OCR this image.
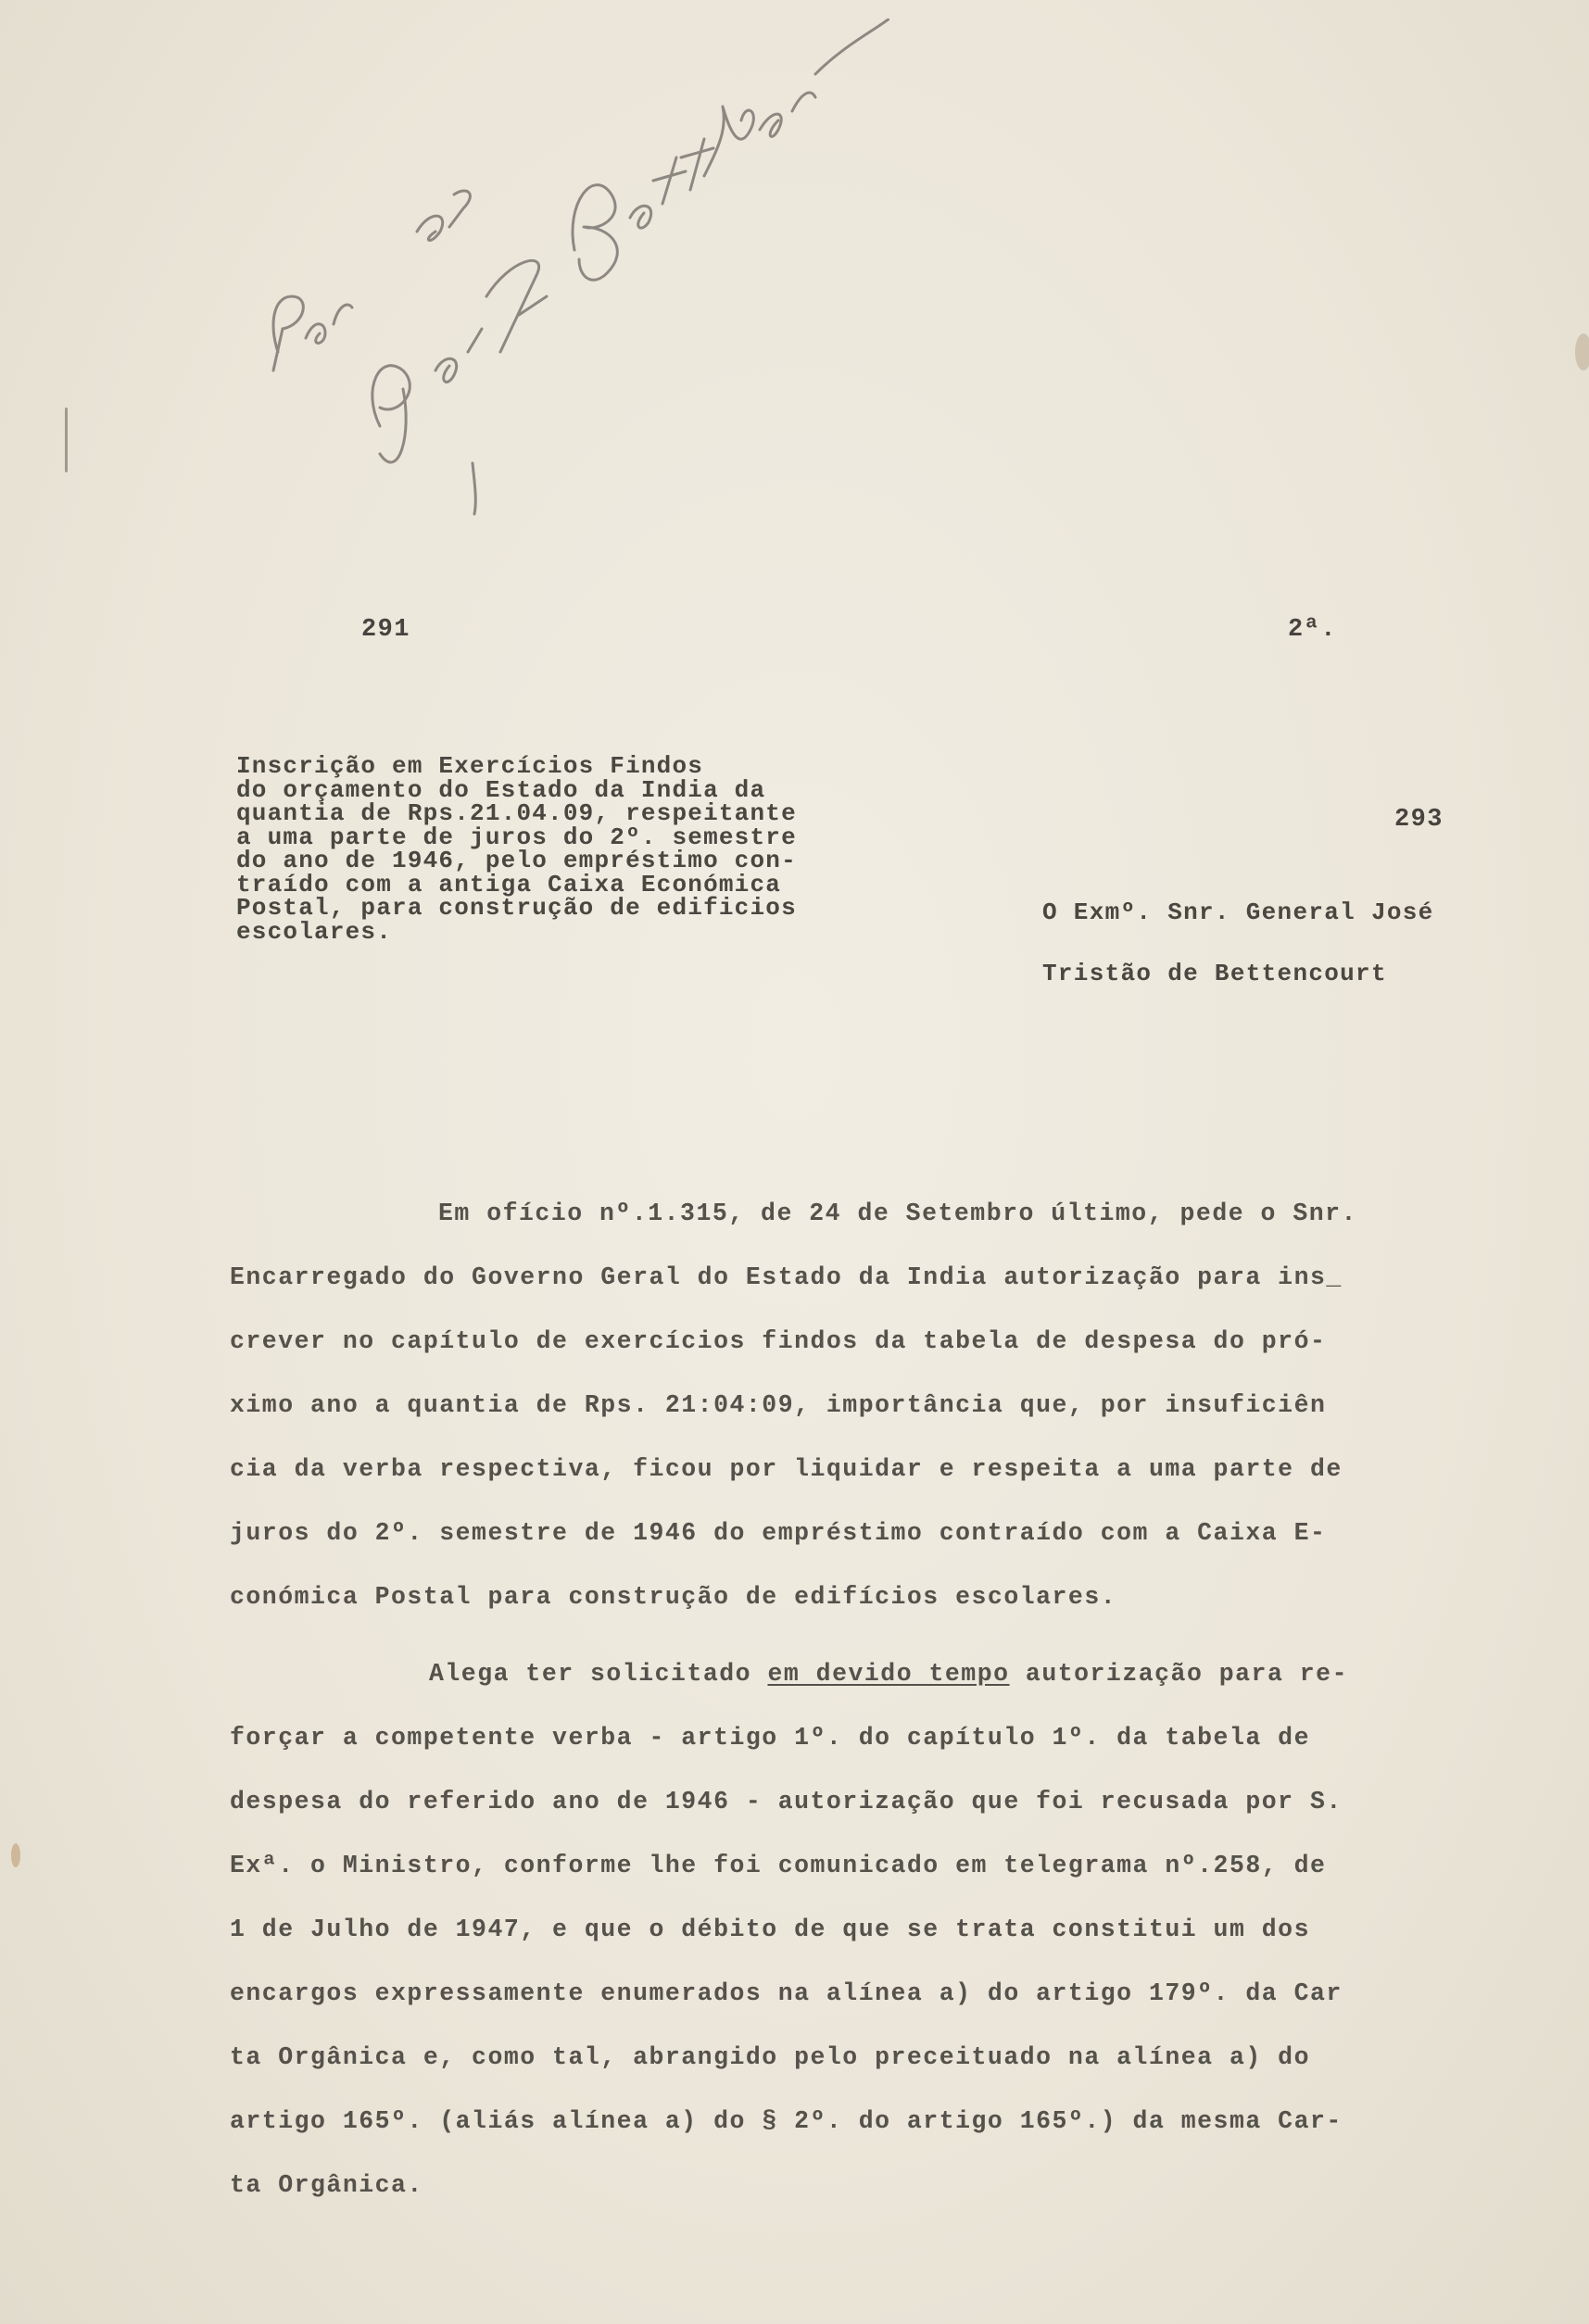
291	2ª.
Inscrição em Exercícios Findos
do orçamento do Estado da India da
quantia de Rps.21.04.09, respeitante
a uma parte de juros do 2º. semestre
do ano de 1946, pelo empréstimo con-
traído com a antiga Caixa Económica
Postal, para construção de edificios
escolares.
293
O Exmº. Snr. General José
Tristão de Bettencourt
Em ofício nº.1.315, de 24 de Setembro último, pede o Snr.
Encarregado do Governo Geral do Estado da India autorização para ins_
crever no capítulo de exercícios findos da tabela de despesa do pró-
ximo ano a quantia de Rps. 21:04:09, importância que, por insuficiên
cia da verba respectiva, ficou por liquidar e respeita a uma parte de
juros do 2º. semestre de 1946 do empréstimo contraído com a Caixa E-
conómica Postal para construção de edifícios escolares.
Alega ter solicitado em devido tempo autorização para re-
forçar a competente verba - artigo 1º. do capítulo 1º. da tabela de
despesa do referido ano de 1946 - autorização que foi recusada por S.
Exª. o Ministro, conforme lhe foi comunicado em telegrama nº.258, de
1 de Julho de 1947, e que o débito de que se trata constitui um dos
encargos expressamente enumerados na alínea a) do artigo 179º. da Car
ta Orgânica e, como tal, abrangido pelo preceituado na alínea a) do
artigo 165º. (aliás alínea a) do § 2º. do artigo 165º.) da mesma Car-
ta Orgânica.
